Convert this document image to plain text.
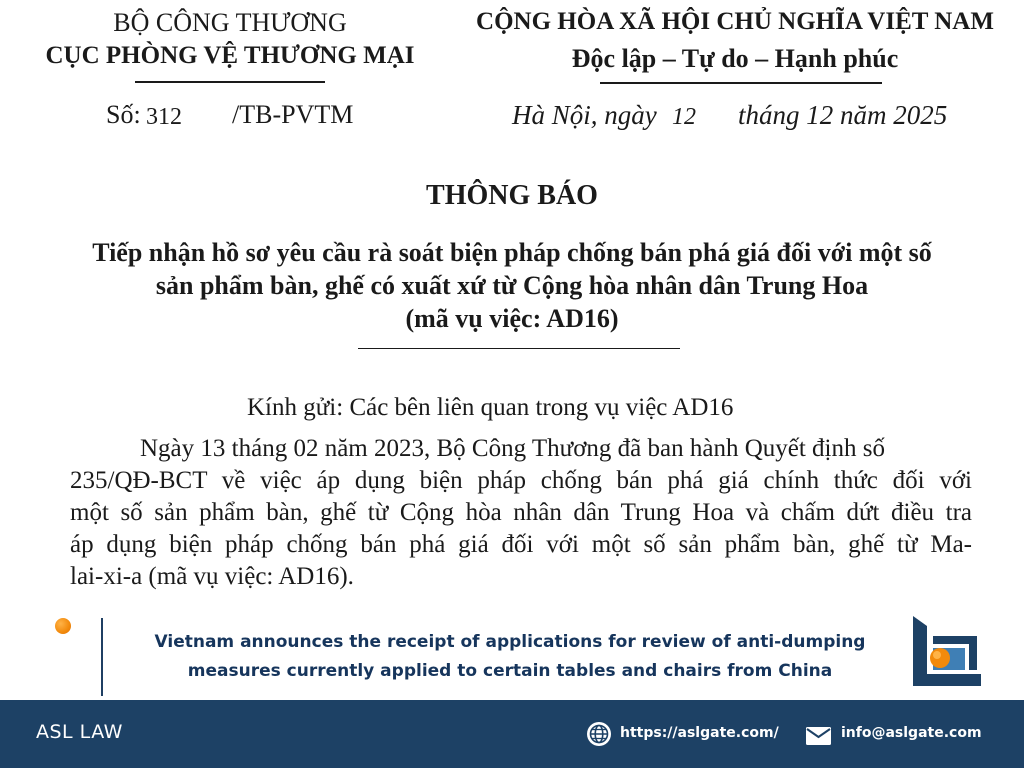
BỘ CÔNG THƯƠNG
CỤC PHÒNG VỆ THƯƠNG MẠI
Số: 312 /TB-PVTM
CỘNG HÒA XÃ HỘI CHỦ NGHĨA VIỆT NAM
Độc lập – Tự do – Hạnh phúc
Hà Nội, ngày 12 tháng 12 năm 2025
THÔNG BÁO
Tiếp nhận hồ sơ yêu cầu rà soát biện pháp chống bán phá giá đối với một số
sản phẩm bàn, ghế có xuất xứ từ Cộng hòa nhân dân Trung Hoa
(mã vụ việc: AD16)
Kính gửi: Các bên liên quan trong vụ việc AD16
Ngày 13 tháng 02 năm 2023, Bộ Công Thương đã ban hành Quyết định số
235/QĐ-BCT về việc áp dụng biện pháp chống bán phá giá chính thức đối với
một số sản phẩm bàn, ghế từ Cộng hòa nhân dân Trung Hoa và chấm dứt điều tra
áp dụng biện pháp chống bán phá giá đối với một số sản phẩm bàn, ghế từ Ma-
lai-xi-a (mã vụ việc: AD16).
Vietnam announces the receipt of applications for review of anti-dumping
measures currently applied to certain tables and chairs from China
ASL LAW	https://aslgate.com/	info@aslgate.com
